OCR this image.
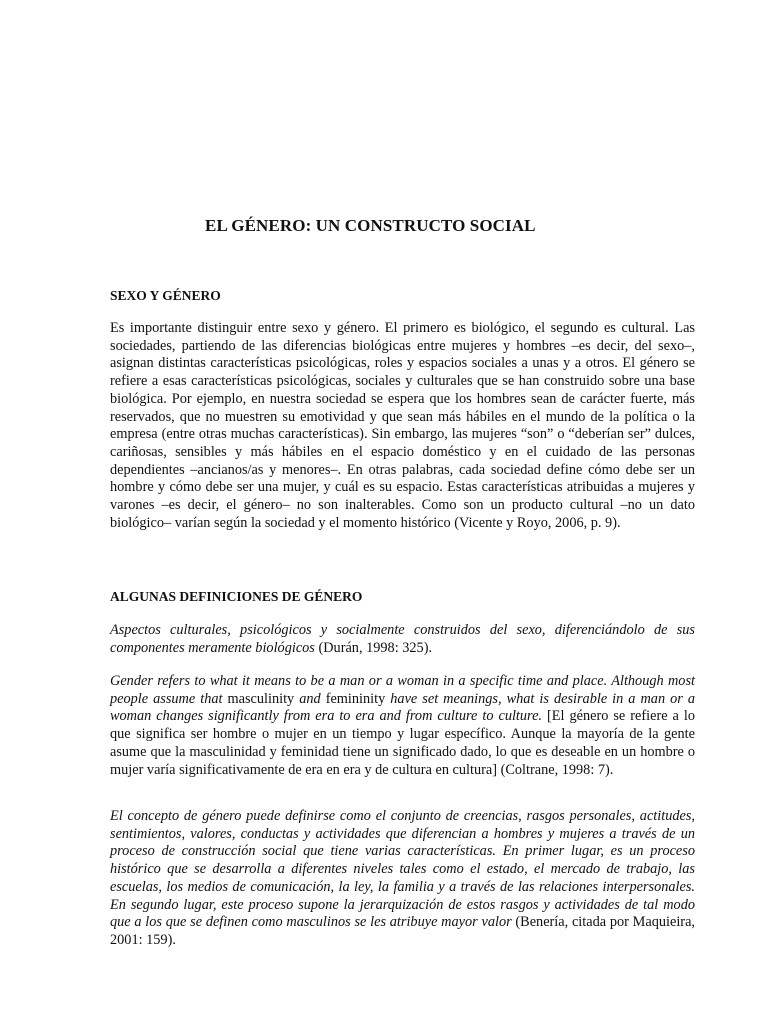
EL GÉNERO: UN CONSTRUCTO SOCIAL
SEXO Y GÉNERO

Es importante distinguir entre sexo y género. El primero es biológico, el segundo es cultural. Las sociedades, partiendo de las diferencias biológicas entre mujeres y hombres –es decir, del sexo–, asignan distintas características psicológicas, roles y espacios sociales a unas y a otros. El género se refiere a esas características psicológicas, sociales y culturales que se han construido sobre una base biológica. Por ejemplo, en nuestra sociedad se espera que los hombres sean de carácter fuerte, más reservados, que no muestren su emotividad y que sean más hábiles en el mundo de la política o la empresa (entre otras muchas características). Sin embargo, las mujeres “son” o “deberían ser” dulces, cariñosas, sensibles y más hábiles en el espacio doméstico y en el cuidado de las personas dependientes –ancianos/as y menores–. En otras palabras, cada sociedad define cómo debe ser un hombre y cómo debe ser una mujer, y cuál es su espacio. Estas características atribuidas a mujeres y varones –es decir, el género– no son inalterables. Como son un producto cultural –no un dato biológico– varían según la sociedad y el momento histórico (Vicente y Royo, 2006, p. 9).

ALGUNAS DEFINICIONES DE GÉNERO

Aspectos culturales, psicológicos y socialmente construidos del sexo, diferenciándolo de sus componentes meramente biológicos (Durán, 1998: 325).

Gender refers to what it means to be a man or a woman in a specific time and place. Although most people assume that masculinity and femininity have set meanings, what is desirable in a man or a woman changes significantly from era to era and from culture to culture. [El género se refiere a lo que significa ser hombre o mujer en un tiempo y lugar específico. Aunque la mayoría de la gente asume que la masculinidad y feminidad tiene un significado dado, lo que es deseable en un hombre o mujer varía significativamente de era en era y de cultura en cultura] (Coltrane, 1998: 7).

El concepto de género puede definirse como el conjunto de creencias, rasgos personales, actitudes, sentimientos, valores, conductas y actividades que diferencian a hombres y mujeres a través de un proceso de construcción social que tiene varias características. En primer lugar, es un proceso histórico que se desarrolla a diferentes niveles tales como el estado, el mercado de trabajo, las escuelas, los medios de comunicación, la ley, la familia y a través de las relaciones interpersonales. En segundo lugar, este proceso supone la jerarquización de estos rasgos y actividades de tal modo que a los que se definen como masculinos se les atribuye mayor valor (Benería, citada por Maquieira, 2001: 159).
